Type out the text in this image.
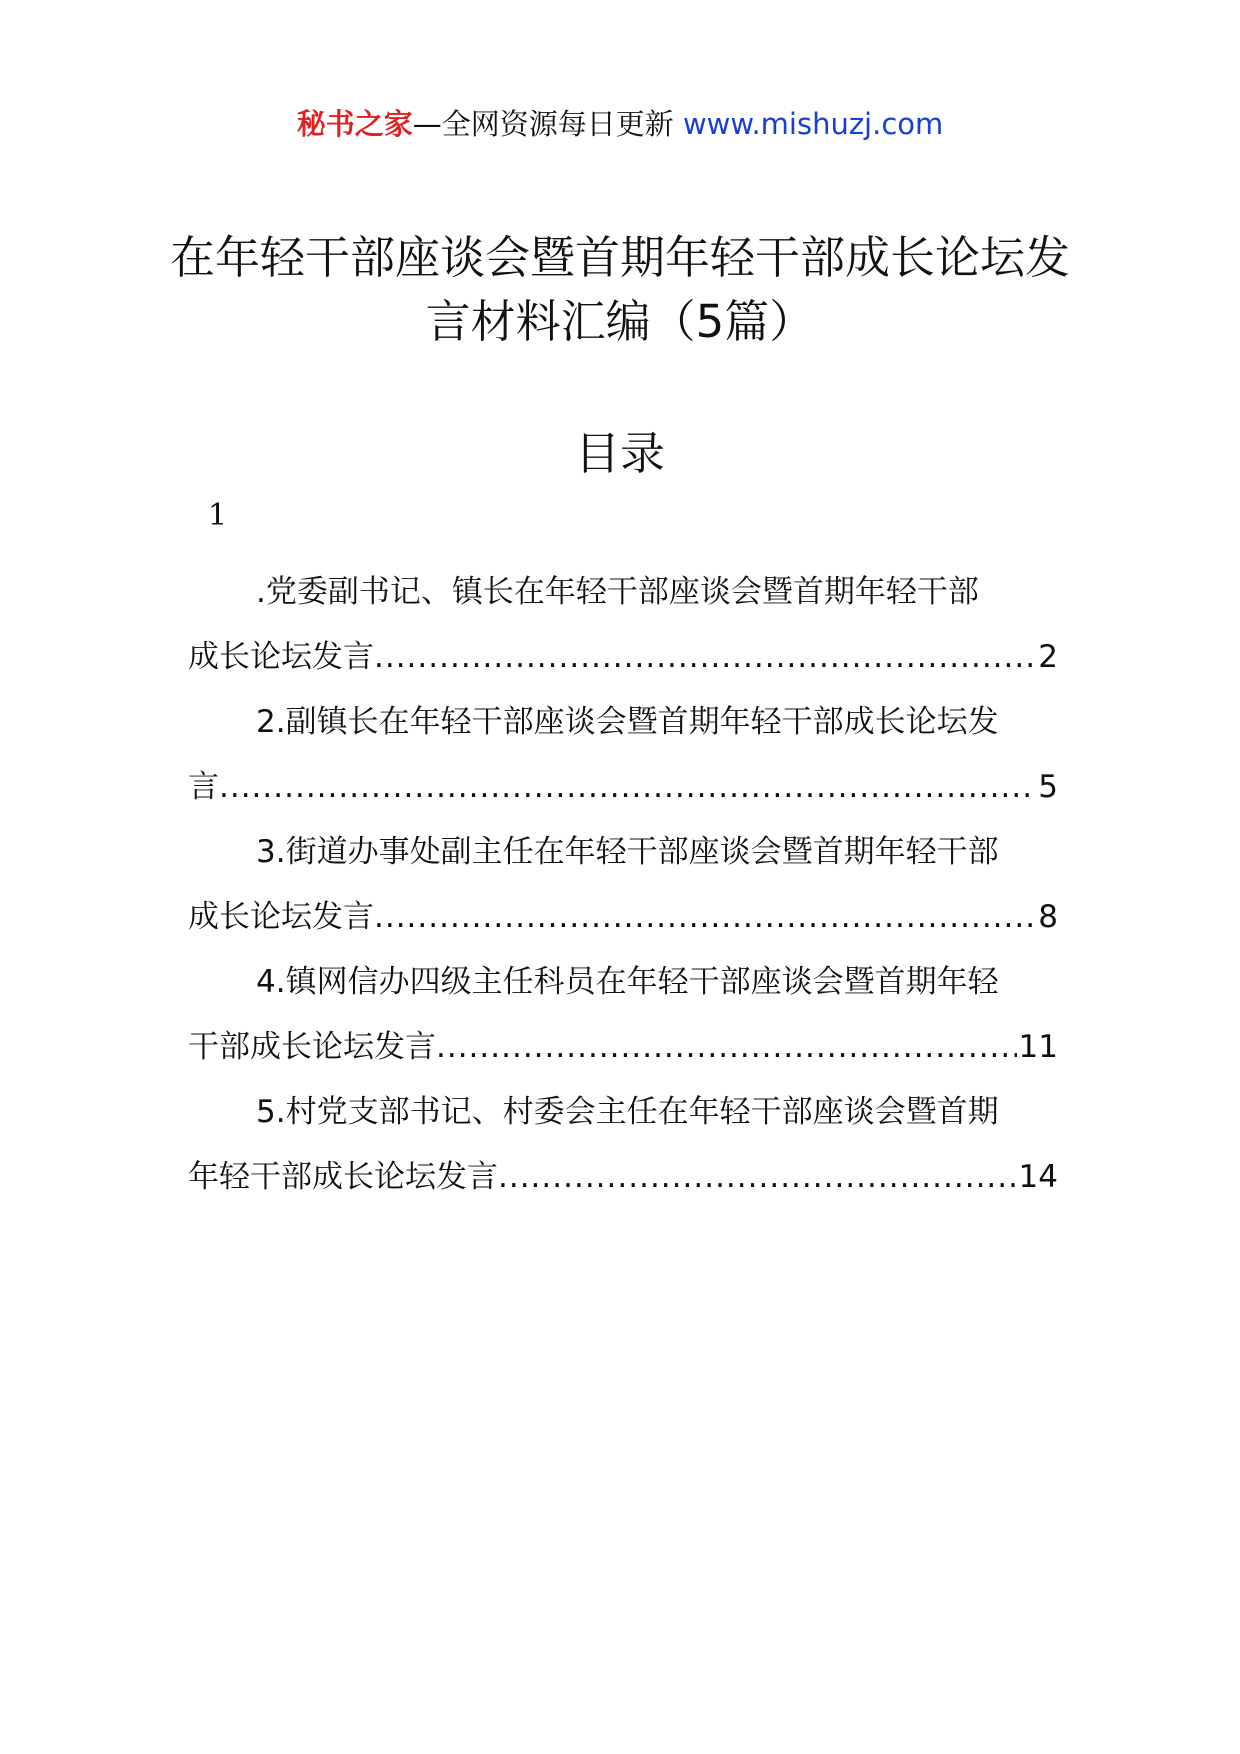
秘书之家—全网资源每日更新 www.mishuzj.com
在年轻干部座谈会暨首期年轻干部成长论坛发言材料汇编（5篇）
目录
1
.党委副书记、镇长在年轻干部座谈会暨首期年轻干部
成长论坛发言 .....	2
2.副镇长在年轻干部座谈会暨首期年轻干部成长论坛发
言 .....	5
3.街道办事处副主任在年轻干部座谈会暨首期年轻干部
成长论坛发言 .....	8
4.镇网信办四级主任科员在年轻干部座谈会暨首期年轻
干部成长论坛发言 .....	11
5.村党支部书记、村委会主任在年轻干部座谈会暨首期
年轻干部成长论坛发言 .....	14
